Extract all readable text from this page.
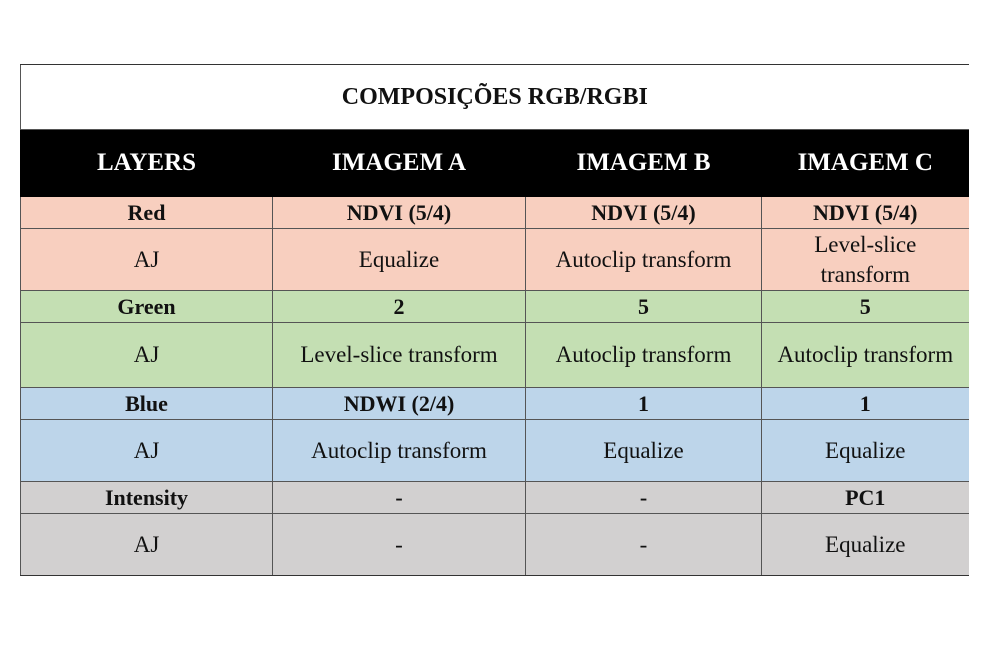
COMPOSIÇÕES RGB/RGBI			
LAYERS	IMAGEM A	IMAGEM B	IMAGEM C
Red	NDVI (5/4)	NDVI (5/4)	NDVI (5/4)
AJ	Equalize	Autoclip transform	Level-slice transform
Green	2	5	5
AJ	Level-slice transform	Autoclip transform	Autoclip transform
Blue	NDWI (2/4)	1	1
AJ	Autoclip transform	Equalize	Equalize
Intensity	-	-	PC1
AJ	-	-	Equalize
